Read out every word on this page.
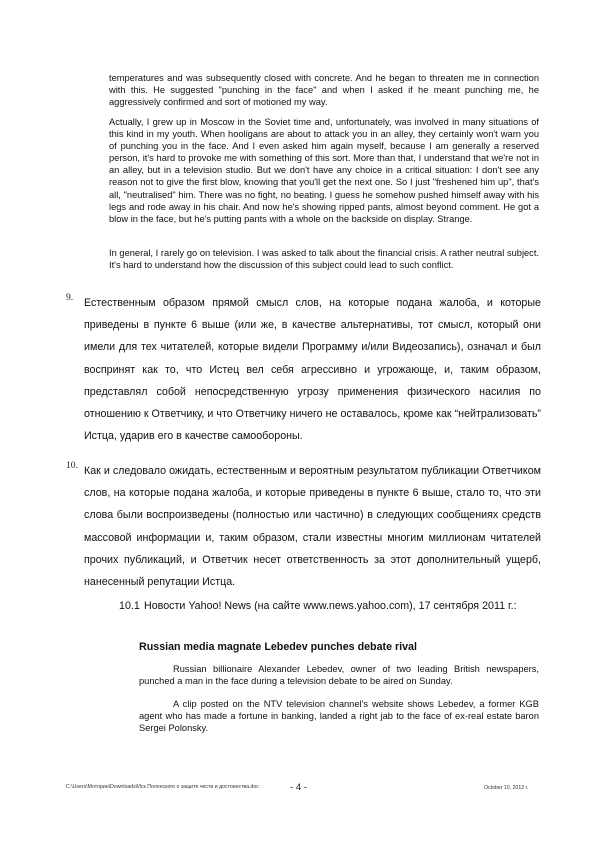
temperatures and was subsequently closed with concrete. And he began to threaten me in connection with this. He suggested "punching in the face" and when I asked if he meant punching me, he aggressively confirmed and sort of motioned my way.
Actually, I grew up in Moscow in the Soviet time and, unfortunately, was involved in many situations of this kind in my youth. When hooligans are about to attack you in an alley, they certainly won't warn you of punching you in the face. And I even asked him again myself, because I am generally a reserved person, it's hard to provoke me with something of this sort. More than that, I understand that we're not in an alley, but in a television studio. But we don't have any choice in a critical situation: I don't see any reason not to give the first blow, knowing that you'll get the next one. So I just "freshened him up", that's all, "neutralised" him. There was no fight, no beating. I guess he somehow pushed himself away with his legs and rode away in his chair. And now he's showing ripped pants, almost beyond comment. He got a blow in the face, but he's putting pants with a whole on the backside on display. Strange.
In general, I rarely go on television. I was asked to talk about the financial crisis. A rather neutral subject. It's hard to understand how the discussion of this subject could lead to such conflict.
9. Естественным образом прямой смысл слов, на которые подана жалоба, и которые приведены в пункте 6 выше (или же, в качестве альтернативы, тот смысл, который они имели для тех читателей, которые видели Программу и/или Видеозапись), означал и был воспринят как то, что Истец вел себя агрессивно и угрожающе, и, таким образом, представлял собой непосредственную угрозу применения физического насилия по отношению к Ответчику, и что Ответчику ничего не оставалось, кроме как “нейтрализовать” Истца, ударив его в качестве самообороны.
10. Как и следовало ожидать, естественным и вероятным результатом публикации Ответчиком слов, на которые подана жалоба, и которые приведены в пункте 6 выше, стало то, что эти слова были воспроизведены (полностью или частично) в следующих сообщениях средств массовой информации и, таким образом, стали известны многим миллионам читателей прочих публикаций, и Ответчик несет ответственность за этот дополнительный ущерб, нанесенный репутации Истца.
10.1 Новости Yahoo! News (на сайте www.news.yahoo.com), 17 сентября 2011 г.:
Russian media magnate Lebedev punches debate rival
Russian billionaire Alexander Lebedev, owner of two leading British newspapers, punched a man in the face during a television debate to be aired on Sunday.
A clip posted on the NTV television channel's website shows Lebedev, a former KGB agent who has made a fortune in banking, landed a right jab to the face of ex-real estate baron Sergei Polonsky.
C:\Users\Моторин\Downloads\Иск Полонского о защите чести и достоинства.doc	- 4 -	October 10, 2012 г.
